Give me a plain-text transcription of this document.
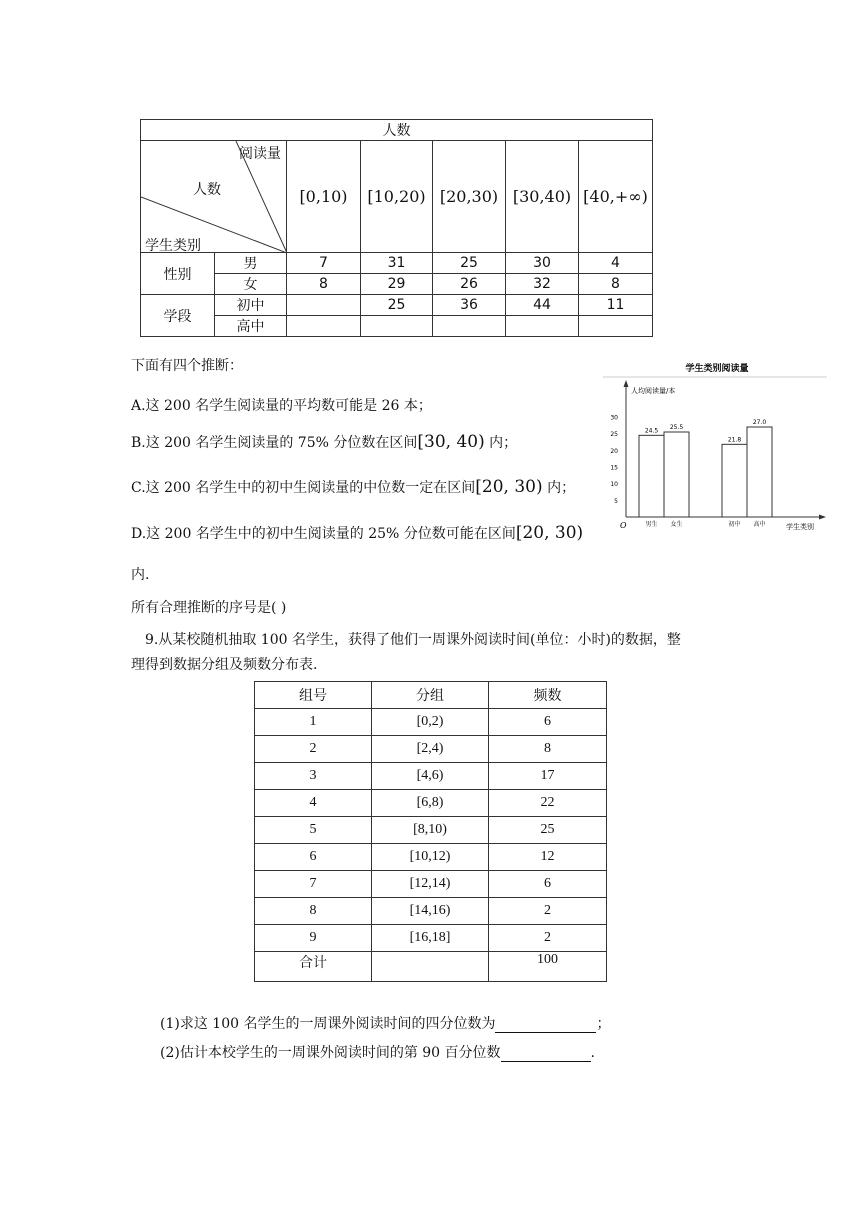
人数						

阅读量
人数
学生类别		[0,10)	[10,20)	[20,30)	[30,40)	[40,+∞)
性别	男	7	31	25	30	4
	女	8	29	26	32	8
学段	初中		25	36	44	11
	高中					
下面有四个推断：
A.这 200 名学生阅读量的平均数可能是 26 本；
B.这 200 名学生阅读量的 75% 分位数在区间[30, 40) 内；
C.这 200 名学生中的初中生阅读量的中位数一定在区间[20, 30) 内；
D.这 200 名学生中的初中生阅读量的 25% 分位数可能在区间[20, 30)
内.
所有合理推断的序号是( )
学生类别阅读量
人均阅读量/本
学生类别
O
5
10
15
20
25
30
24.5
男生
25.5
女生
21.8
初中
27.0
高中
9.从某校随机抽取 100 名学生，获得了他们一周课外阅读时间(单位：小时)的数据，整
理得到数据分组及频数分布表.
组号	分组	频数
1	[0,2)	6
2	[2,4)	8
3	[4,6)	17
4	[6,8)	22
5	[8,10)	25
6	[10,12)	12
7	[12,14)	6
8	[14,16)	2
9	[16,18]	2
合计		100
(1)求这 100 名学生的一周课外阅读时间的四分位数为	；
(2)估计本校学生的一周课外阅读时间的第 90 百分位数	.
